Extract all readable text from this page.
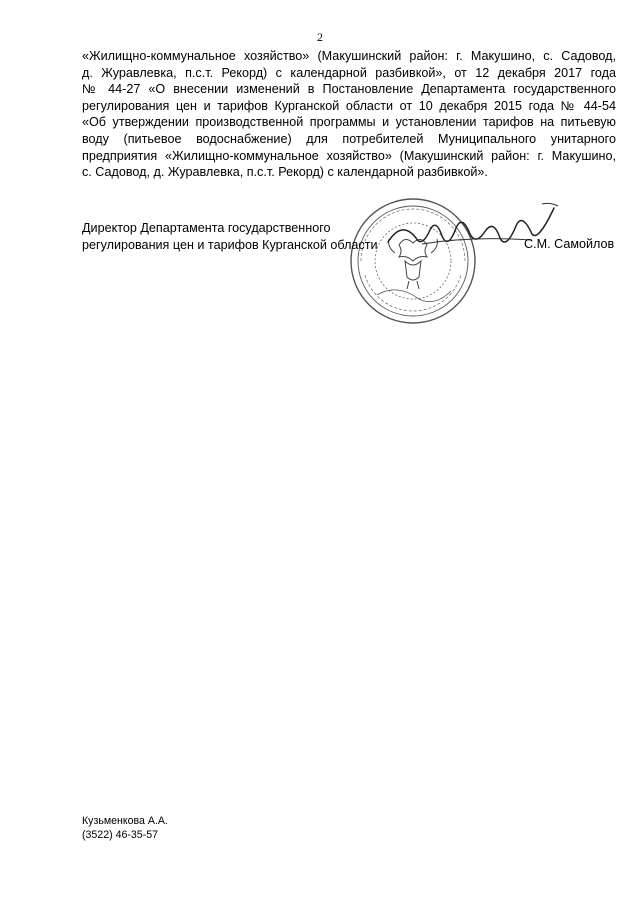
2
«Жилищно-коммунальное хозяйство» (Макушинский район: г. Макушино, с. Садовод,
д. Журавлевка, п.с.т. Рекорд) с календарной разбивкой», от 12 декабря 2017 года
№ 44-27 «О внесении изменений в Постановление Департамента государственного
регулирования цен и тарифов Курганской области от 10 декабря 2015 года № 44-54
«Об утверждении производственной программы и установлении тарифов на питьевую
воду (питьевое водоснабжение) для потребителей Муниципального унитарного
предприятия «Жилищно-коммунальное хозяйство» (Макушинский район: г. Макушино,
с. Садовод, д. Журавлевка, п.с.т. Рекорд) с календарной разбивкой».
Директор Департамента государственного
регулирования цен и тарифов Курганской области	С.М. Самойлов
Кузьменкова А.А.
(3522) 46-35-57
